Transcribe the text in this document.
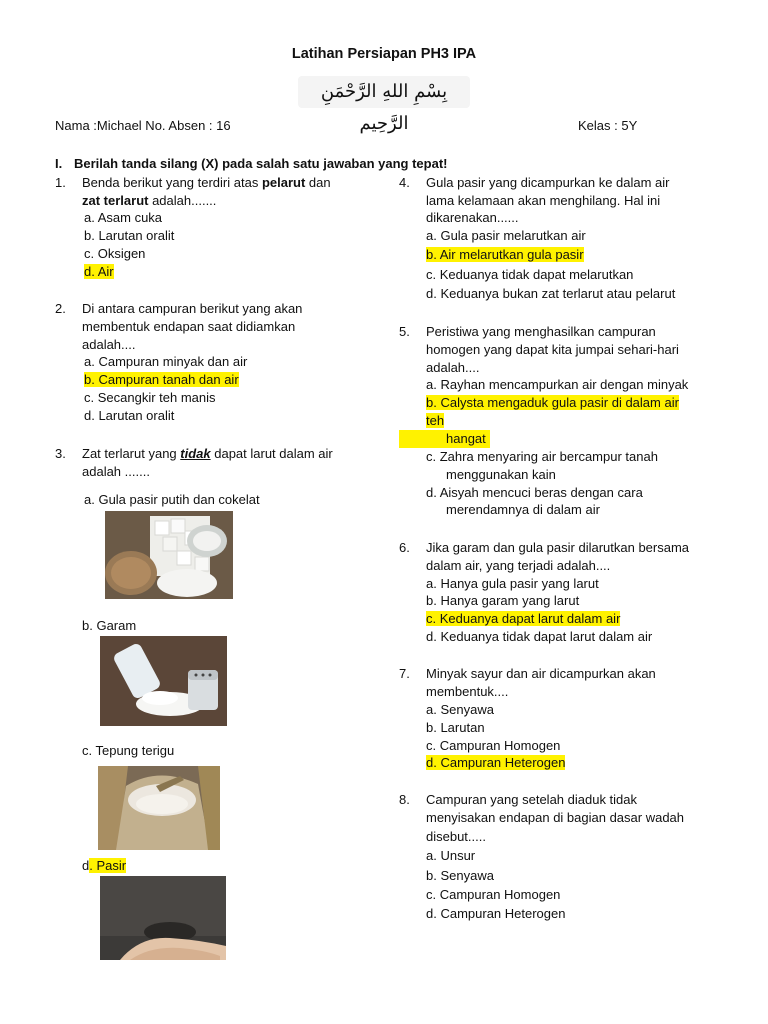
Latihan Persiapan PH3 IPA
بِسْمِ اللهِ الرَّحْمَنِ الرَّحِيم
Nama :Michael No. Absen : 16	Kelas : 5Y
I. Berilah tanda silang (X) pada salah satu jawaban yang tepat!
1. Benda berikut yang terdiri atas pelarut dan
zat terlarut adalah.......
a. Asam cuka
b. Larutan oralit
c. Oksigen
d. Air
2. Di antara campuran berikut yang akan
membentuk endapan saat didiamkan
adalah....
a. Campuran minyak dan air
b. Campuran tanah dan air
c. Secangkir teh manis
d. Larutan oralit
3. Zat terlarut yang tidak dapat larut dalam air
adalah .......
a. Gula pasir putih dan cokelat
b. Garam
c. Tepung terigu
d. Pasir
4. Gula pasir yang dicampurkan ke dalam air
lama kelamaan akan menghilang. Hal ini
dikarenakan......
a. Gula pasir melarutkan air
b. Air melarutkan gula pasir
c. Keduanya tidak dapat melarutkan
d. Keduanya bukan zat terlarut atau pelarut
5. Peristiwa yang menghasilkan campuran
homogen yang dapat kita jumpai sehari-hari
adalah....
a. Rayhan mencampurkan air dengan minyak
b. Calysta mengaduk gula pasir di dalam air
teh
hangat
c. Zahra menyaring air bercampur tanah
menggunakan kain
d. Aisyah mencuci beras dengan cara
merendamnya di dalam air
6. Jika garam dan gula pasir dilarutkan bersama
dalam air, yang terjadi adalah....
a. Hanya gula pasir yang larut
b. Hanya garam yang larut
c. Keduanya dapat larut dalam air
d. Keduanya tidak dapat larut dalam air
7. Minyak sayur dan air dicampurkan akan
membentuk....
a. Senyawa
b. Larutan
c. Campuran Homogen
d. Campuran Heterogen
8. Campuran yang setelah diaduk tidak
menyisakan endapan di bagian dasar wadah
disebut.....
a. Unsur
b. Senyawa
c. Campuran Homogen
d. Campuran Heterogen
